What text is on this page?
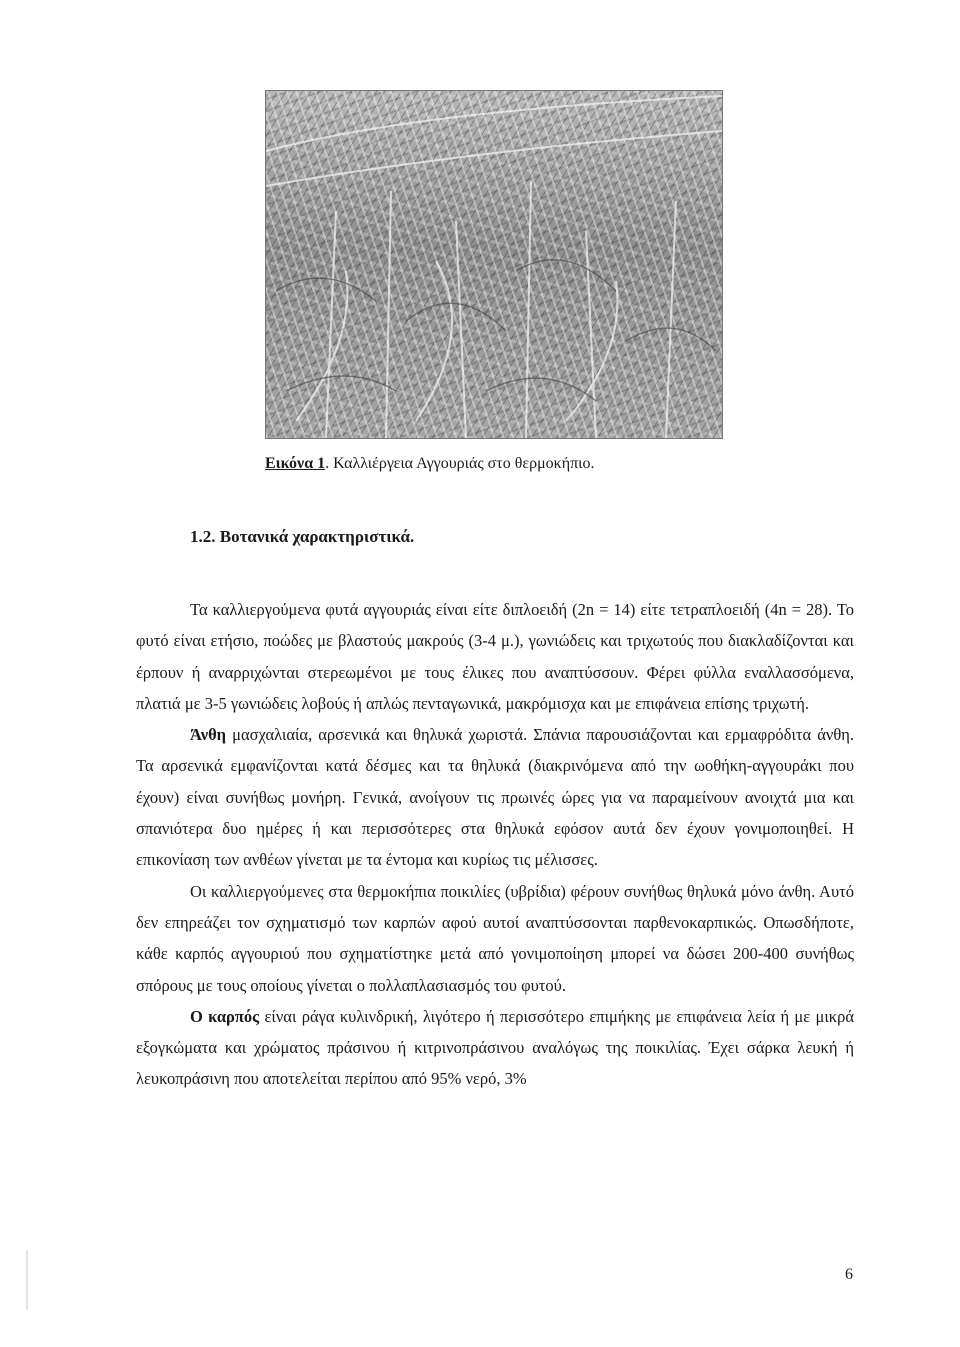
Εικόνα 1. Καλλιέργεια Αγγουριάς στο θερμοκήπιο.
1.2. Βοτανικά χαρακτηριστικά.

Τα καλλιεργούμενα φυτά αγγουριάς είναι είτε διπλοειδή (2n = 14) είτε τετραπλοειδή (4n = 28). Το φυτό είναι ετήσιο, ποώδες με βλαστούς μακρούς (3-4 μ.), γωνιώδεις και τριχωτούς που διακλαδίζονται και έρπουν ή αναρριχώνται στερεωμένοι με τους έλικες που αναπτύσσουν. Φέρει φύλλα εναλλασσόμενα, πλατιά με 3-5 γωνιώδεις λοβούς ή απλώς πενταγωνικά, μακρόμισχα και με επιφάνεια επίσης τριχωτή.

Άνθη μασχαλιαία, αρσενικά και θηλυκά χωριστά. Σπάνια παρουσιάζονται και ερμαφρόδιτα άνθη. Τα αρσενικά εμφανίζονται κατά δέσμες και τα θηλυκά (διακρινόμενα από την ωοθήκη-αγγουράκι που έχουν) είναι συνήθως μονήρη. Γενικά, ανοίγουν τις πρωινές ώρες για να παραμείνουν ανοιχτά μια και σπανιότερα δυο ημέρες ή και περισσότερες στα θηλυκά εφόσον αυτά δεν έχουν γονιμοποιηθεί. Η επικονίαση των ανθέων γίνεται με τα έντομα και κυρίως τις μέλισσες.

Οι καλλιεργούμενες στα θερμοκήπια ποικιλίες (υβρίδια) φέρουν συνήθως θηλυκά μόνο άνθη. Αυτό δεν επηρεάζει τον σχηματισμό των καρπών αφού αυτοί αναπτύσσονται παρθενοκαρπικώς. Οπωσδήποτε, κάθε καρπός αγγουριού που σχηματίστηκε μετά από γονιμοποίηση μπορεί να δώσει 200-400 συνήθως σπόρους με τους οποίους γίνεται ο πολλαπλασιασμός του φυτού.

Ο καρπός είναι ράγα κυλινδρική, λιγότερο ή περισσότερο επιμήκης με επιφάνεια λεία ή με μικρά εξογκώματα και χρώματος πράσινου ή κιτρινοπράσινου αναλόγως της ποικιλίας. Έχει σάρκα λευκή ή λευκοπράσινη που αποτελείται περίπου από 95% νερό, 3%

6
